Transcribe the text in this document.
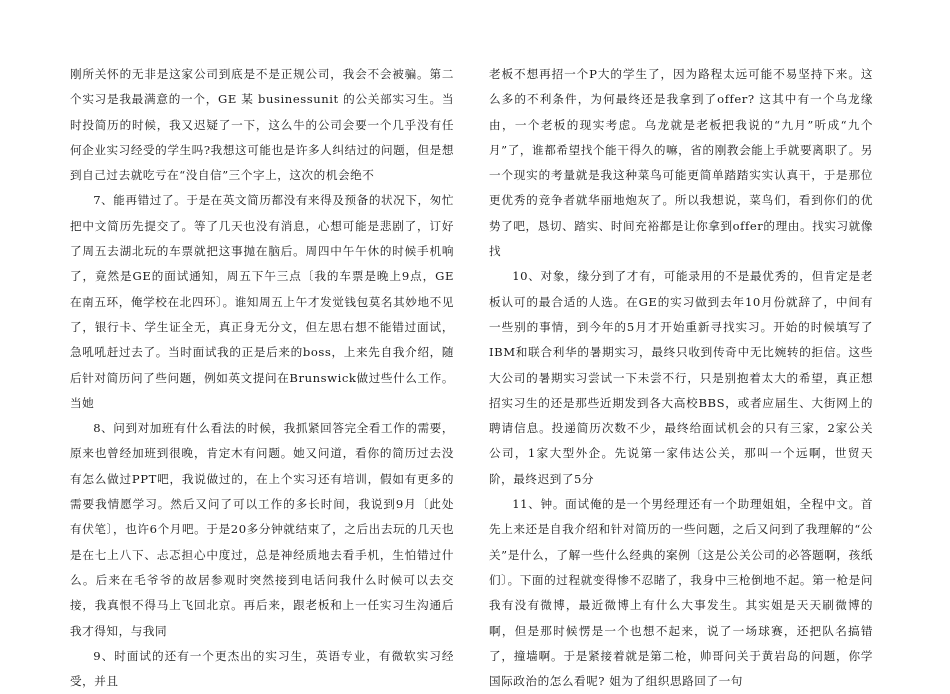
刚所关怀的无非是这家公司到底是不是正规公司，我会不会被骗。第二个实习是我最满意的一个，GE 某 businessunit 的公关部实习生。当时投简历的时候，我又迟疑了一下，这么牛的公司会要一个几乎没有任何企业实习经受的学生吗?我想这可能也是许多人纠结过的问题，但是想到自己过去就吃亏在“没自信”三个字上，这次的机会绝不

7、能再错过了。于是在英文简历都没有来得及预备的状况下，匆忙把中文简历先提交了。等了几天也没有消息，心想可能是悲剧了，订好了周五去湖北玩的车票就把这事抛在脑后。周四中午午休的时候手机响了，竟然是GE的面试通知，周五下午三点〔我的车票是晚上9点，GE在南五环，俺学校在北四环〕。谁知周五上午才发觉钱包莫名其妙地不见了，银行卡、学生证全无，真正身无分文，但左思右想不能错过面试，急吼吼赶过去了。当时面试我的正是后来的boss，上来先自我介绍，随后针对简历问了些问题，例如英文提问在Brunswick做过些什么工作。当她

8、问到对加班有什么看法的时候，我抓紧回答完全看工作的需要，原来也曾经加班到很晚，肯定木有问题。她又问道，看你的简历过去没有怎么做过PPT吧，我说做过的，在上个实习还有培训，假如有更多的需要我情愿学习。然后又问了可以工作的多长时间，我说到9月〔此处有伏笔〕，也许6个月吧。于是20多分钟就结束了，之后出去玩的几天也是在七上八下、忐忑担心中度过，总是神经质地去看手机，生怕错过什么。后来在毛爷爷的故居参观时突然接到电话问我什么时候可以去交接，我真恨不得马上飞回北京。再后来，跟老板和上一任实习生沟通后我才得知，与我同

9、时面试的还有一个更杰出的实习生，英语专业，有微软实习经受，并且

老板不想再招一个P大的学生了，因为路程太远可能不易坚持下来。这么多的不利条件，为何最终还是我拿到了offer? 这其中有一个乌龙缘由，一个老板的现实考虑。乌龙就是老板把我说的“九月”听成“九个月”了，谁都希望找个能干得久的嘛，省的刚教会能上手就要离职了。另一个现实的考量就是我这种菜鸟可能更简单踏踏实实认真干，于是那位更优秀的竞争者就华丽地炮灰了。所以我想说，菜鸟们，看到你们的优势了吧，恳切、踏实、时间充裕都是让你拿到offer的理由。找实习就像找

10、对象，缘分到了才有，可能录用的不是最优秀的，但肯定是老板认可的最合适的人选。在GE的实习做到去年10月份就辞了，中间有一些别的事情，到今年的5月才开始重新寻找实习。开始的时候填写了IBM和联合利华的暑期实习，最终只收到传奇中无比婉转的拒信。这些大公司的暑期实习尝试一下未尝不行，只是别抱着太大的希望，真正想招实习生的还是那些近期发到各大高校BBS，或者应届生、大街网上的聘请信息。投递简历次数不少，最终给面试机会的只有三家，2家公关公司，1家大型外企。先说第一家伟达公关，那叫一个远啊，世贸天阶，最终迟到了5分

11、钟。面试俺的是一个男经理还有一个助理姐姐，全程中文。首先上来还是自我介绍和针对简历的一些问题，之后又问到了我理解的“公关”是什么，了解一些什么经典的案例〔这是公关公司的必答题啊，孩纸们〕。下面的过程就变得惨不忍睹了，我身中三枪倒地不起。第一枪是问我有没有微博，最近微博上有什么大事发生。其实姐是天天刷微博的啊，但是那时候愣是一个也想不起来，说了一场球赛，还把队名搞错了，撞墙啊。于是紧接着就是第二枪，帅哥问关于黄岩岛的问题，你学国际政治的怎么看呢? 姐为了组织思路回了一句
